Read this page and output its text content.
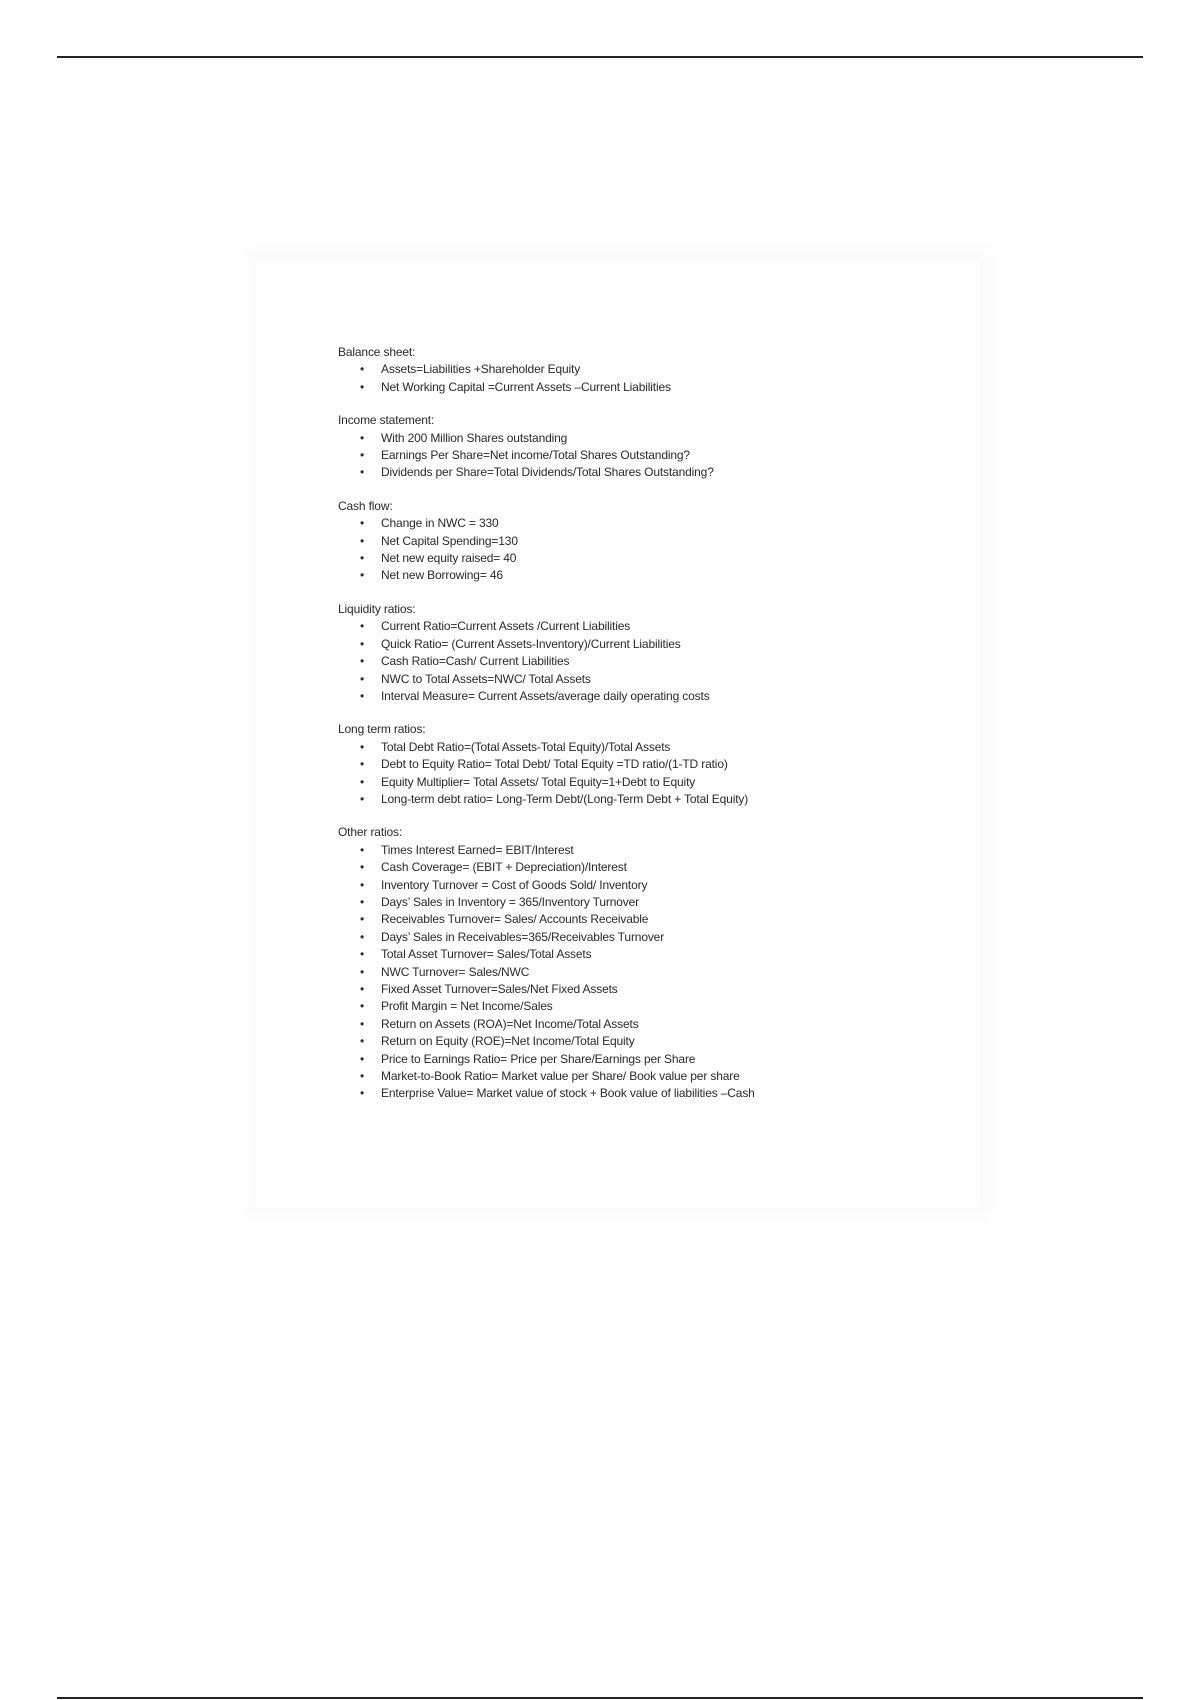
Balance sheet:
• Assets=Liabilities +Shareholder Equity
• Net Working Capital =Current Assets –Current Liabilities
Income statement:
• With 200 Million Shares outstanding
• Earnings Per Share=Net income/Total Shares Outstanding?
• Dividends per Share=Total Dividends/Total Shares Outstanding?
Cash flow:
• Change in NWC = 330
• Net Capital Spending=130
• Net new equity raised= 40
• Net new Borrowing= 46
Liquidity ratios:
• Current Ratio=Current Assets /Current Liabilities
• Quick Ratio= (Current Assets-Inventory)/Current Liabilities
• Cash Ratio=Cash/ Current Liabilities
• NWC to Total Assets=NWC/ Total Assets
• Interval Measure= Current Assets/average daily operating costs
Long term ratios:
• Total Debt Ratio=(Total Assets-Total Equity)/Total Assets
• Debt to Equity Ratio= Total Debt/ Total Equity =TD ratio/(1-TD ratio)
• Equity Multiplier= Total Assets/ Total Equity=1+Debt to Equity
• Long-term debt ratio= Long-Term Debt/(Long-Term Debt + Total Equity)
Other ratios:
• Times Interest Earned= EBIT/Interest
• Cash Coverage= (EBIT + Depreciation)/Interest
• Inventory Turnover = Cost of Goods Sold/ Inventory
• Days’ Sales in Inventory = 365/Inventory Turnover
• Receivables Turnover= Sales/ Accounts Receivable
• Days’ Sales in Receivables=365/Receivables Turnover
• Total Asset Turnover= Sales/Total Assets
• NWC Turnover= Sales/NWC
• Fixed Asset Turnover=Sales/Net Fixed Assets
• Profit Margin = Net Income/Sales
• Return on Assets (ROA)=Net Income/Total Assets
• Return on Equity (ROE)=Net Income/Total Equity
• Price to Earnings Ratio= Price per Share/Earnings per Share
• Market-to-Book Ratio= Market value per Share/ Book value per share
• Enterprise Value= Market value of stock + Book value of liabilities –Cash
